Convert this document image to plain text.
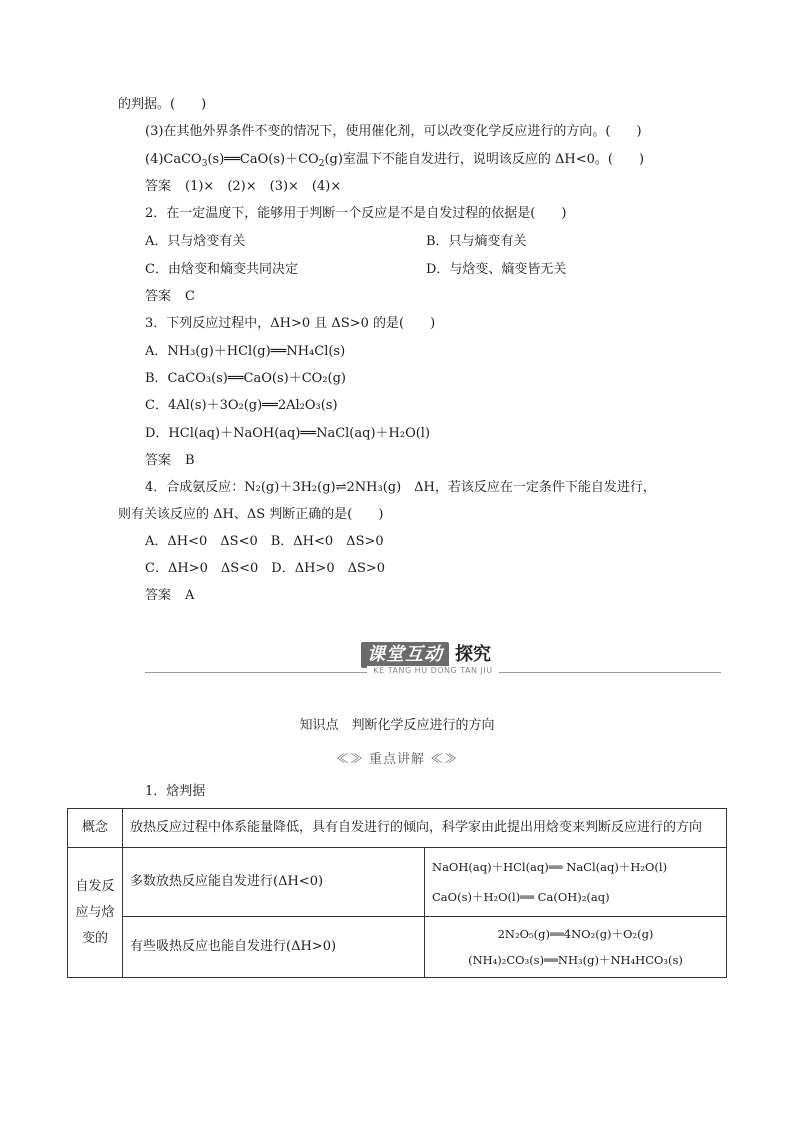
的判据。(　　)
(3)在其他外界条件不变的情况下，使用催化剂，可以改变化学反应进行的方向。(　　)
$(4)CaCO_3(s)══CaO(s)+CO_2(g)$室温下不能自发进行，说明该反应的 ΔH<0。(　　)
答案 (1)×　(2)×　(3)×　(4)×
2．在一定温度下，能够用于判断一个反应是不是自发过程的依据是(　　)
A．只与焓变有关	B．只与熵变有关
C．由焓变和熵变共同决定	D．与焓变、熵变皆无关
答案 C
3．下列反应过程中，ΔH>0 且 ΔS>0 的是(　　)
A．NH₃(g)＋HCl(g)══NH₄Cl(s)
B．CaCO₃(s)══CaO(s)＋CO₂(g)
C．4Al(s)＋3O₂(g)══2Al₂O₃(s)
D．HCl(aq)＋NaOH(aq)══NaCl(aq)＋H₂O(l)
答案 B
4．合成氨反应：N₂(g)＋3H₂(g)⇌2NH₃(g)　ΔH，若该反应在一定条件下能自发进行，
则有关该反应的 ΔH、ΔS 判断正确的是(　　)
A．ΔH<0　ΔS<0　B．ΔH<0　ΔS>0
C．ΔH>0　ΔS<0　D．ΔH>0　ΔS>0
答案 A
课堂互动 探究
KE TANG HU DONG TAN JIU
知识点　判断化学反应进行的方向
≪≫ 重点讲解 ≪≫
1．焓判据
概念	放热反应过程中体系能量降低，具有自发进行的倾向，科学家由此提出用焓变来判断反应进行的方向	
自发反应与焓变的	多数放热反应能自发进行(ΔH<0)	NaOH(aq)＋HCl(aq)══ NaCl(aq)＋H₂O(l)
CaO(s)＋H₂O(l)══ Ca(OH)₂(aq)

	有些吸热反应也能自发进行(ΔH>0)	2N₂O₅(g)══4NO₂(g)＋O₂(g)
(NH₄)₂CO₃(s)══NH₃(g)＋NH₄HCO₃(s)
